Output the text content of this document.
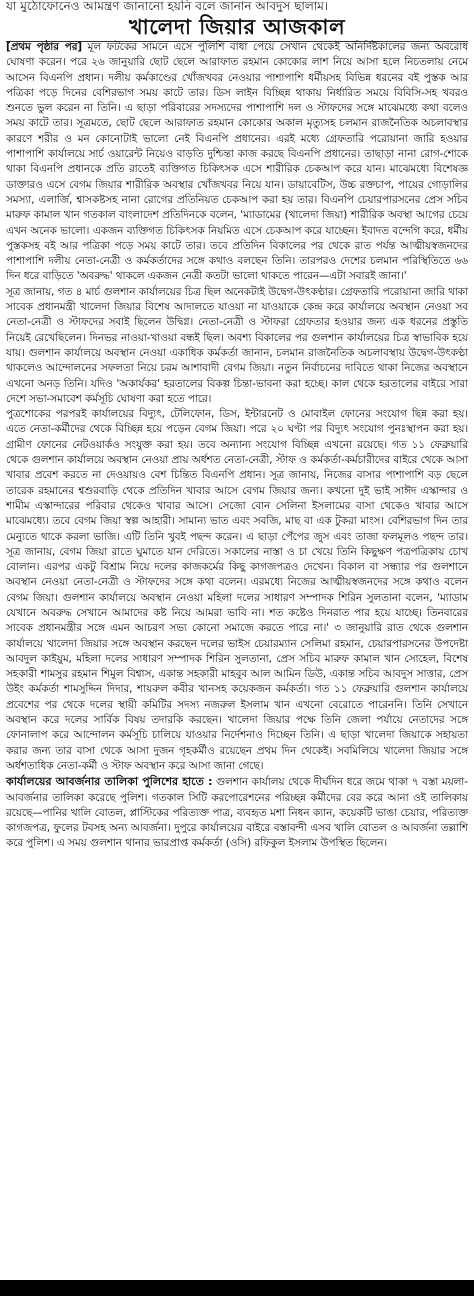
যা মুঠোফোনেও আমন্ত্রণ জানানো হয়নি বলে জানান আবদুস ছালাম।
খালেদা জিয়ার আজকাল

[প্রথম পৃষ্ঠার পর] মূল ফটকের সামনে এসে পুলিশি বাধা পেয়ে সেখান থেকেই অনির্দিষ্টকালের জন্য অবরোধ ঘোষণা করেন। পরে ২৬ জানুয়ারি ছোট ছেলে আরাফাত রহমান কোকোর লাশ নিয়ে আসা হলে নিচতলায় নেমে আসেন বিএনপি প্রধান। দলীয় কর্মকাণ্ডের খোঁজখবর নেওয়ার পাশাপাশি ধর্মীয়সহ বিভিন্ন ধরনের বই পুস্তক আর পত্রিকা পড়ে দিনের বেশিরভাগ সময় কাটে তার। ডিস লাইন বিচ্ছিন্ন থাকায় নির্ধারিত সময়ে বিবিসি-সহ খবরও শুনতে ভুল করেন না তিনি। এ ছাড়া পরিবারের সদস্যদের পাশাপাশি দল ও স্টাফদের সঙ্গে মাঝেমধ্যে কথা বলেও সময় কাটে তার। সূত্রমতে, ছোট ছেলে আরাফাত রহমান কোকোর অকাল মৃত্যুসহ চলমান রাজনৈতিক অচলাবস্থার কারণে শরীর ও মন কোনোটাই ভালো নেই বিএনপি প্রধানের। এরই মধ্যে গ্রেফতারি পরোয়ানা জারি হওয়ার পাশাপাশি কার্যালয়ে সার্চ ওয়ারেন্ট নিয়েও বাড়তি দুশ্চিন্তা কাজ করছে বিএনপি প্রধানের। তাছাড়া নানা রোগ-শোকে থাকা বিএনপি প্রধানকে প্রতি রাতেই ব্যক্তিগত চিকিৎসক এসে শারীরিক চেকআপ করে যান। মাঝেমধ্যে বিশেষজ্ঞ ডাক্তারও এসে বেগম জিয়ার শারীরিক অবস্থার খোঁজখবর নিয়ে যান। ডায়াবেটিস, উচ্চ রক্তচাপ, পায়ের গোড়ালির সমস্যা, এলার্জি, শ্বাসকষ্টসহ নানা রোগের প্রতিনিয়ত চেকআপ করা হয় তার। বিএনপি চেয়ারপারসনের প্রেস সচিব মারুফ কামাল খান গতকাল বাংলাদেশ প্রতিদিনকে বলেন, 'ম্যাডামের (খালেদা জিয়া) শারীরিক অবস্থা আগের চেয়ে এখন অনেক ভালো। একজন ব্যক্তিগত চিকিৎসক নিয়মিত এসে চেকআপ করে যাচ্ছেন। ইবাদত বন্দেগি করে, ধর্মীয় পুস্তকসহ বই আর পত্রিকা পড়ে সময় কাটে তার। তবে প্রতিদিন বিকালের পর থেকে রাত পর্যন্ত আত্মীয়স্বজনদের পাশাপাশি দলীয় নেতা-নেত্রী ও কর্মকর্তাদের সঙ্গে কথাও বলছেন তিনি। তারপরও দেশের চলমান পরিস্থিতিতে ৬৬ দিন ধরে বাড়িতে 'অবরুদ্ধ' থাকলে একজন নেত্রী কতটা ভালো থাকতে পারেন—এটা সবারই জানা।'

সূত্র জানায়, গত ৪ মার্চ গুলশান কার্যালয়ের চিত্র ছিল অনেকটাই উদ্বেগ-উৎকণ্ঠার। গ্রেফতারি পরোয়ানা জারি থাকা সাবেক প্রধানমন্ত্রী খালেদা জিয়ার বিশেষ আদালতে যাওয়া না যাওয়াকে কেন্দ্র করে কার্যালয়ে অবস্থান নেওয়া সব নেতা-নেত্রী ও স্টাফদের সবাই ছিলেন উদ্বিগ্ন। নেতা-নেত্রী ও স্টাফরা গ্রেফতার হওয়ার জন্য এক ধরনের প্রস্তুতি নিয়েই রেখেছিলেন। দিনভর নাওয়া-খাওয়া বন্ধই ছিল। অবশ্য বিকালের পর গুলশান কার্যালয়ের চিত্র স্বাভাবিক হয়ে যায়। গুলশান কার্যালয়ে অবস্থান নেওয়া একাধিক কর্মকর্তা জানান, চলমান রাজনৈতিক অচলাবস্থায় উদ্বেগ-উৎকণ্ঠা থাকলেও আন্দোলনের সফলতা নিয়ে চরম আশাবাদী বেগম জিয়া। নতুন নির্বাচনের দাবিতে থাকা নিজের অবস্থানে এখনো অনড় তিনি। যদিও 'অকার্যকর' হরতালের বিকল্প চিন্তা-ভাবনা করা হচ্ছে। কাল থেকে হরতালের বাইরে সারা দেশে সভা-সমাবেশ কর্মসূচি ঘোষণা করা হতে পারে।

পুত্রশোকের পরপরই কার্যালয়ের বিদ্যুৎ, টেলিফোন, ডিস, ইন্টারনেট ও মোবাইল ফোনের সংযোগ ছিন্ন করা হয়। এতে নেতা-কর্মীদের থেকে বিচ্ছিন্ন হয়ে পড়েন বেগম জিয়া। পরে ২০ ঘণ্টা পর বিদ্যুৎ সংযোগ পুনঃস্থাপন করা হয়। গ্রামীণ ফোনের নেটওয়ার্কও সংযুক্ত করা হয়। তবে অন্যান্য সংযোগ বিচ্ছিন্ন এখনো রয়েছে। গত ১১ ফেব্রুয়ারি থেকে গুলশান কার্যালয়ে অবস্থান নেওয়া প্রায় অর্ধশত নেতা-নেত্রী, স্টাফ ও কর্মকর্তা-কর্মচারীদের বাইরে থেকে আসা খাবার প্রবেশ করতে না দেওয়ায়ও বেশ চিন্তিত বিএনপি প্রধান। সূত্র জানায়, নিজের বাসার পাশাপাশি বড় ছেলে তারেক রহমানের শ্বশুরবাড়ি থেকে প্রতিদিন খাবার আসে বেগম জিয়ার জন্য। কখনো দুই ভাই সাঈদ এস্কান্দার ও শামীম এস্কান্দারের পরিবার থেকেও খাবার আসে। সেজো বোন সেলিনা ইসলামের বাসা থেকেও খাবার আসে মাঝেমধ্যে। তবে বেগম জিয়া স্বল্প আহারী। সামান্য ভাত এবং সবজি, মাছ বা এক টুকরা মাংস। বেশিরভাগ দিন তার মেন্যুতে থাকে করলা ভাজি। এটি তিনি খুবই পছন্দ করেন। এ ছাড়া পেঁপের জুস এবং তাজা ফলমূলও পছন্দ তার। সূত্র জানায়, বেগম জিয়া রাতে ঘুমাতে যান দেরিতে। সকালের নাস্তা ও চা খেয়ে তিনি কিছুক্ষণ পত্রপত্রিকায় চোখ বোলান। এরপর একটু বিশ্রাম নিয়ে দলের কাজকর্মের কিছু কাগজপত্রও দেখেন। বিকাল বা সন্ধ্যার পর গুলশানে অবস্থান নেওয়া নেতা-নেত্রী ও স্টাফদের সঙ্গে কথা বলেন। এরমধ্যে নিজের আত্মীয়স্বজনদের সঙ্গে কথাও বলেন বেগম জিয়া। গুলশান কার্যালয়ে অবস্থান নেওয়া মহিলা দলের সাধারণ সম্পাদক শিরিন সুলতানা বলেন, 'ম্যাডাম যেখানে অবরুদ্ধ সেখানে আমাদের কষ্ট নিয়ে আমরা ভাবি না। শত কষ্টেও দিনরাত পার হয়ে যাচ্ছে। তিনবারের সাবেক প্রধানমন্ত্রীর সঙ্গে এমন আচরণ সভ্য কোনো সমাজে করতে পারে না।' ৩ জানুয়ারি রাত থেকে গুলশান কার্যালয়ে খালেদা জিয়ার সঙ্গে অবস্থান করছেন দলের ভাইস চেয়ারম্যান সেলিমা রহমান, চেয়ারপারসনের উপদেষ্টা আবদুল কাইয়ুম, মহিলা দলের সাধারণ সম্পাদক শিরিন সুলতানা, প্রেস সচিব মারুফ কামাল খান সোহেল, বিশেষ সহকারী শামসুর রহমান শিমুল বিশ্বাস, একান্ত সহকারী মাহবুব আল আমিন ডিউ, একান্ত সচিব আবদুস সাত্তার, প্রেস উইং কর্মকর্তা শামসুদ্দিন দিদার, শায়রুল কবীর খানসহ কয়েকজন কর্মকর্তা। গত ১১ ফেব্রুয়ারি গুলশান কার্যালয়ে প্রবেশের পর থেকে দলের স্থায়ী কমিটির সদস্য নজরুল ইসলাম খান এখনো বেরোতে পারেননি। তিনি সেখানে অবস্থান করে দলের সার্বিক বিষয় তদারকি করছেন। খালেদা জিয়ার পক্ষে তিনি জেলা পর্যায়ে নেতাদের সঙ্গে ফোনালাপ করে আন্দোলন কর্মসূচি চালিয়ে যাওয়ার নির্দেশনাও দিচ্ছেন তিনি। এ ছাড়া খালেদা জিয়াকে সহায়তা করার জন্য তার বাসা থেকে আসা দুজন গৃহকর্মীও রয়েছেন প্রথম দিন থেকেই। সবমিলিয়ে খালেদা জিয়ার সঙ্গে অর্ধশতাধিক নেতা-কর্মী ও স্টাফ অবস্থান করে আসা জানা গেছে।

কার্যালয়ের আবর্জনার তালিকা পুলিশের হাতে : গুলশান কার্যালয় থেকে দীর্ঘদিন ধরে জমে থাকা ৭ বস্তা ময়লা-আবর্জনার তালিকা করেছে পুলিশ। গতকাল সিটি করপোরেশনের পরিচ্ছন্ন কর্মীদের বের করে আনা ওই তালিকায় রয়েছে—পানির খালি বোতল, প্লাস্টিকের পরিত্যক্ত পাত্র, ব্যবহৃত মশা নিধন ক্যান, কয়েকটি ভাঙা চেয়ার, পরিত্যক্ত কাগজপত্র, ফুলের টবসহ অন্য আবর্জনা। দুপুরে কার্যালয়ের বাইরে বস্তাবন্দী এসব খালি বোতল ও আবর্জনা তল্লাশি করে পুলিশ। এ সময় গুলশান থানার ভারপ্রাপ্ত কর্মকর্তা (ওসি) রফিকুল ইসলাম উপস্থিত ছিলেন।
